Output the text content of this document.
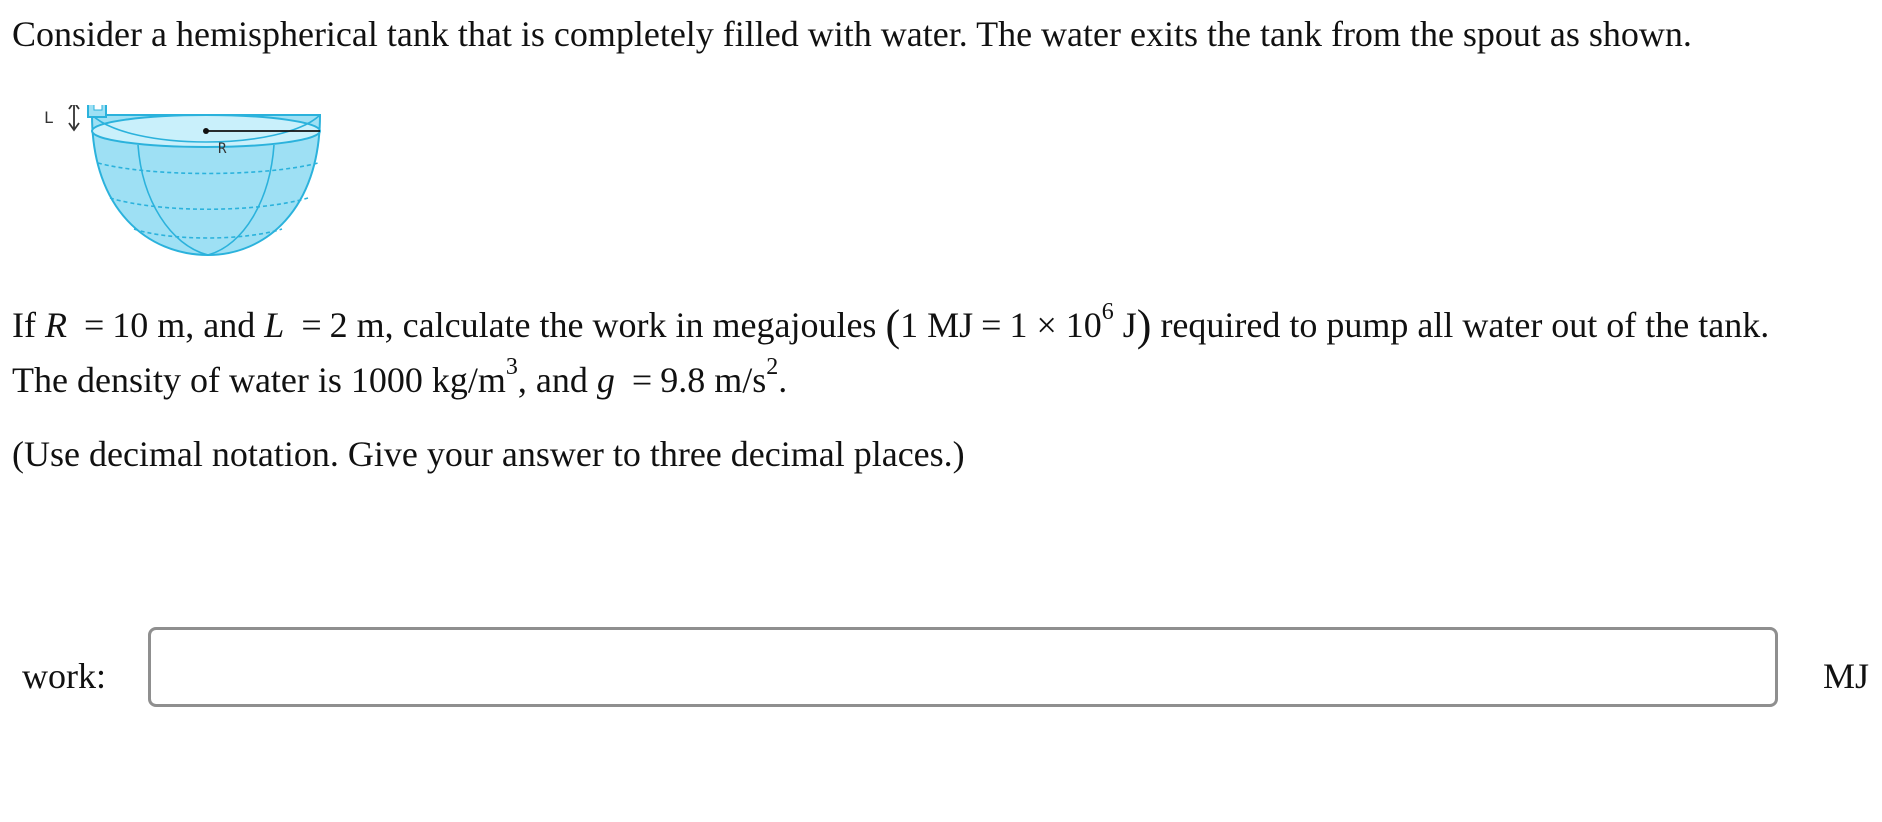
Consider a hemispherical tank that is completely filled with water. The water exits the tank from the spout as shown.
L
R
If R = 10 m, and L = 2 m, calculate the work in megajoules (1 MJ = $1 \times 10^6$ J) required to pump all water out of the tank.
The density of water is 1000 $kg/m^3$, and g = 9.8 $m/s^2$.
(Use decimal notation. Give your answer to three decimal places.)
work:	MJ
